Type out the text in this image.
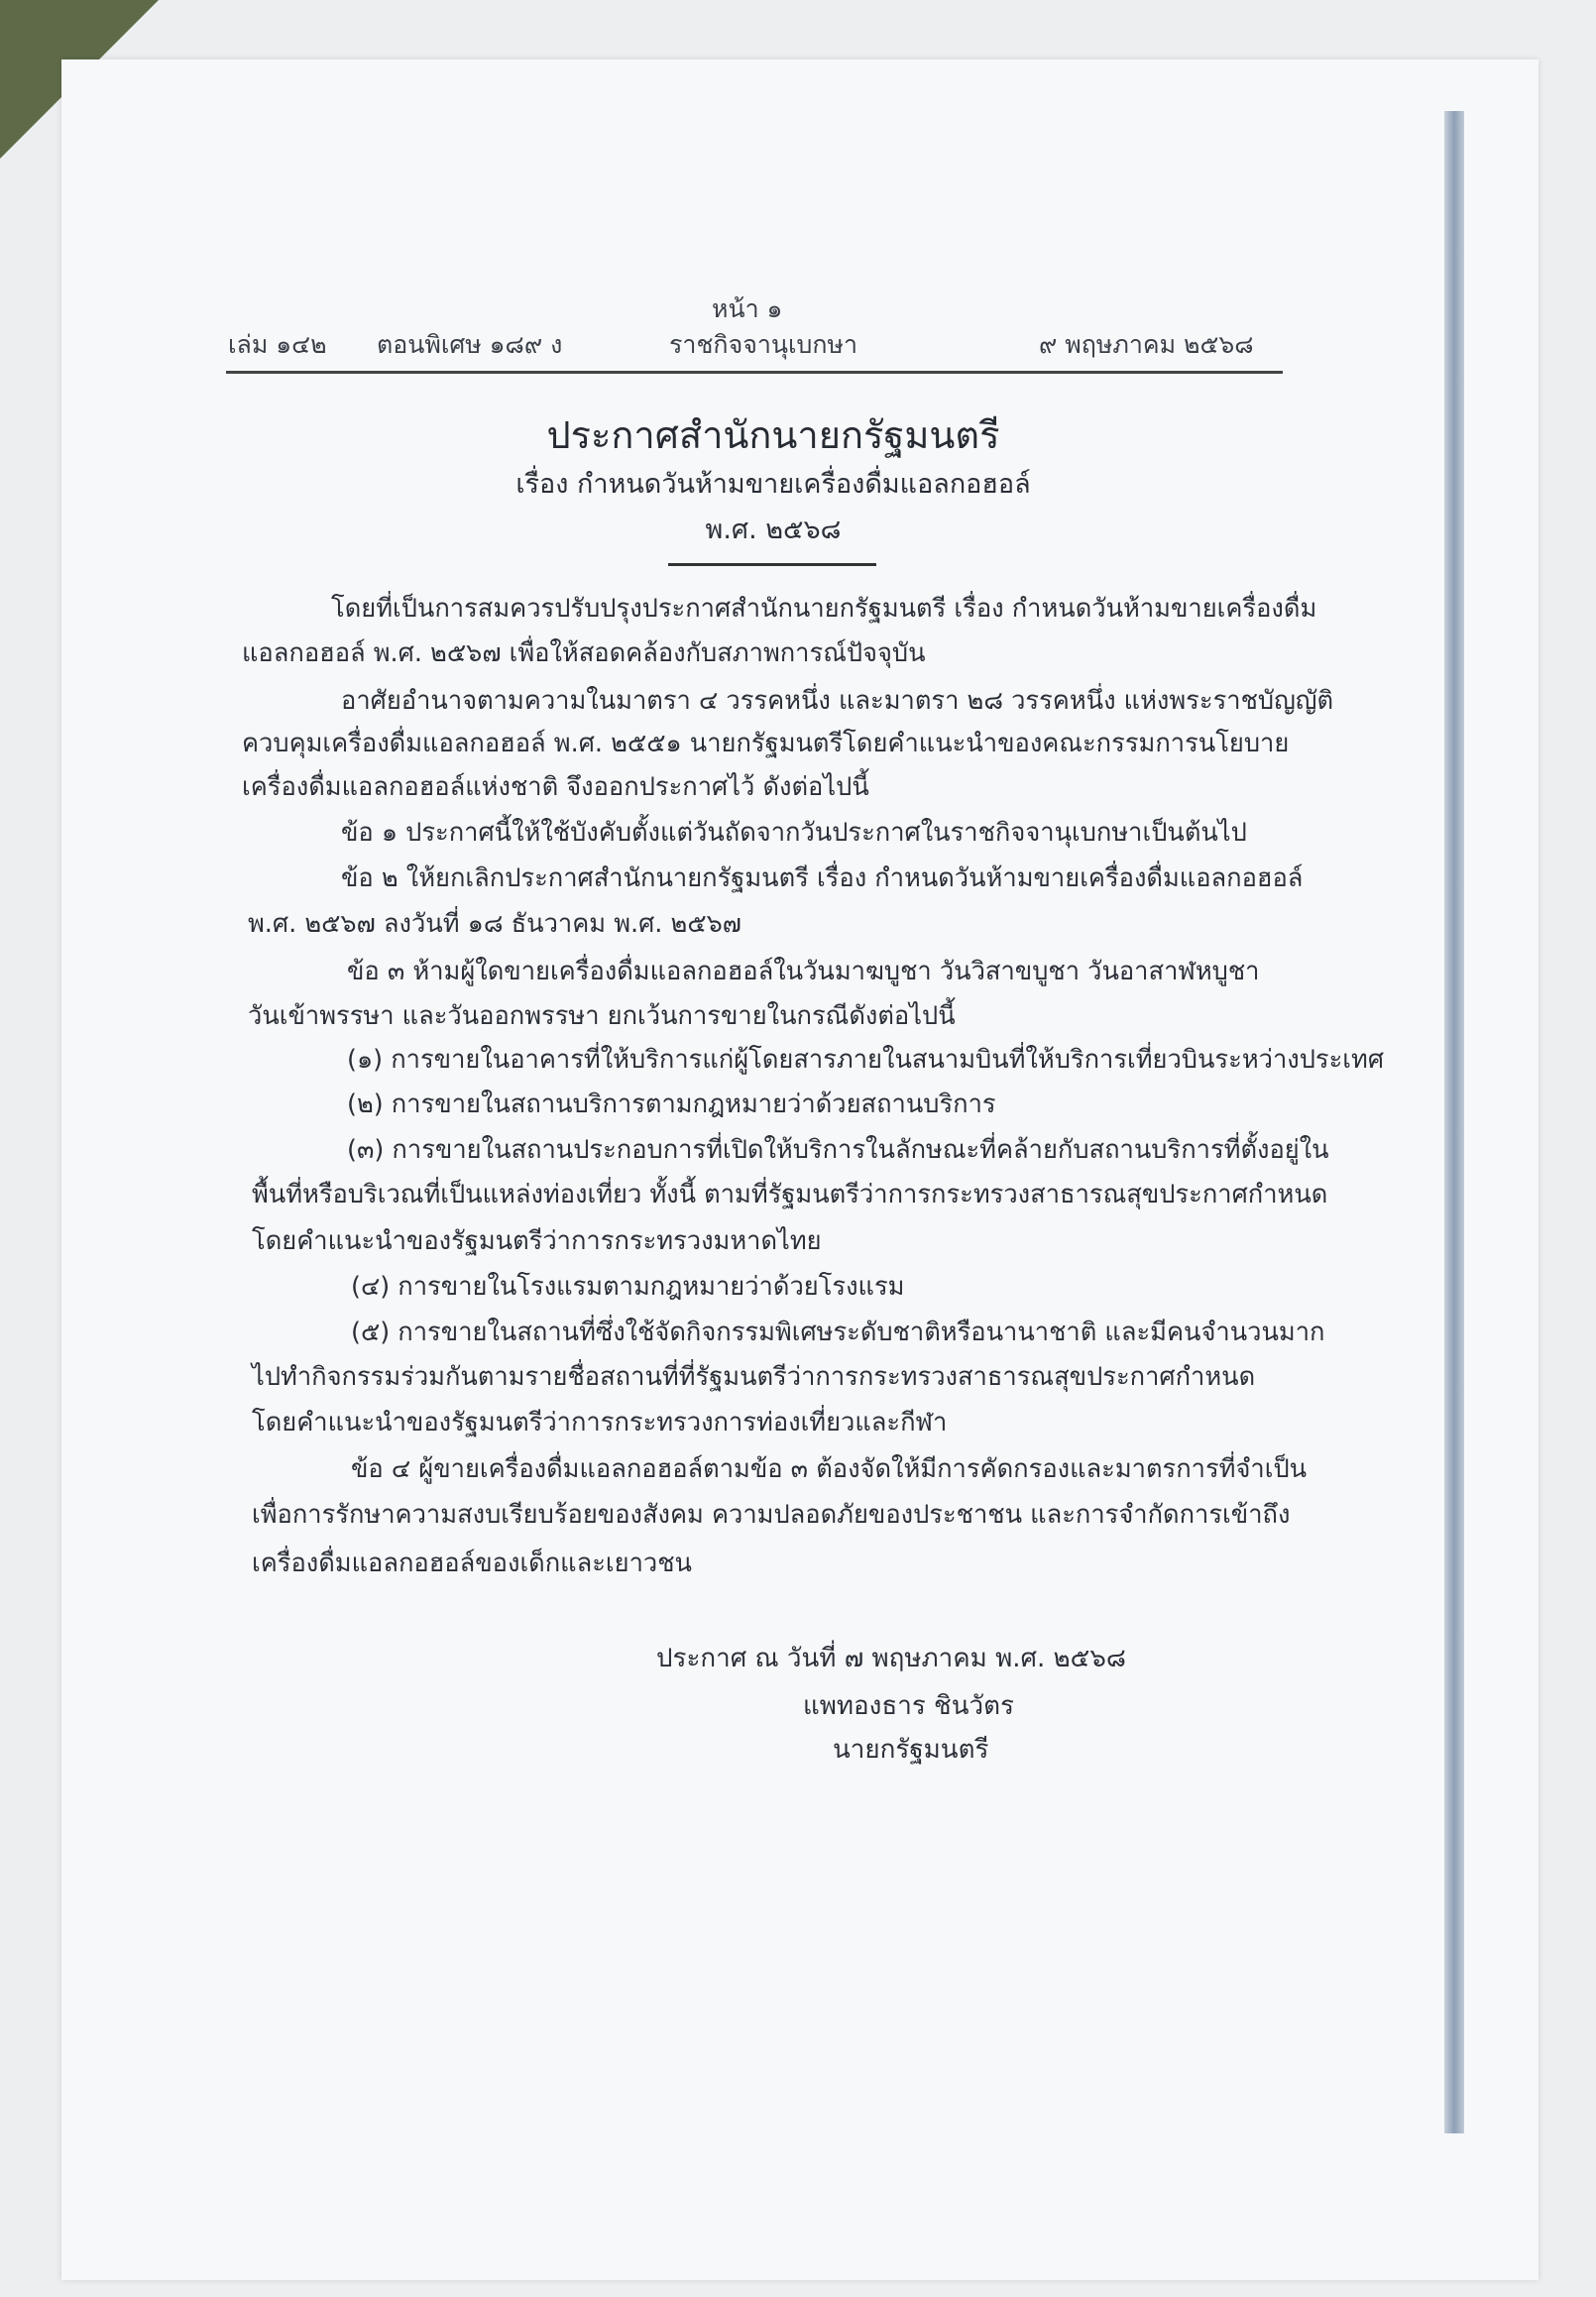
หน้า ๑
เล่ม ๑๔๒ ตอนพิเศษ ๑๘๙ ง	ราชกิจจานุเบกษา	๙ พฤษภาคม ๒๕๖๘
ประกาศสำนักนายกรัฐมนตรี
เรื่อง กำหนดวันห้ามขายเครื่องดื่มแอลกอฮอล์
พ.ศ. ๒๕๖๘
โดยที่เป็นการสมควรปรับปรุงประกาศสำนักนายกรัฐมนตรี เรื่อง กำหนดวันห้ามขายเครื่องดื่ม
แอลกอฮอล์ พ.ศ. ๒๕๖๗ เพื่อให้สอดคล้องกับสภาพการณ์ปัจจุบัน
อาศัยอำนาจตามความในมาตรา ๔ วรรคหนึ่ง และมาตรา ๒๘ วรรคหนึ่ง แห่งพระราชบัญญัติ
ควบคุมเครื่องดื่มแอลกอฮอล์ พ.ศ. ๒๕๕๑ นายกรัฐมนตรีโดยคำแนะนำของคณะกรรมการนโยบาย
เครื่องดื่มแอลกอฮอล์แห่งชาติ จึงออกประกาศไว้ ดังต่อไปนี้
ข้อ ๑ ประกาศนี้ให้ใช้บังคับตั้งแต่วันถัดจากวันประกาศในราชกิจจานุเบกษาเป็นต้นไป
ข้อ ๒ ให้ยกเลิกประกาศสำนักนายกรัฐมนตรี เรื่อง กำหนดวันห้ามขายเครื่องดื่มแอลกอฮอล์
พ.ศ. ๒๕๖๗ ลงวันที่ ๑๘ ธันวาคม พ.ศ. ๒๕๖๗
ข้อ ๓ ห้ามผู้ใดขายเครื่องดื่มแอลกอฮอล์ในวันมาฆบูชา วันวิสาขบูชา วันอาสาฬหบูชา
วันเข้าพรรษา และวันออกพรรษา ยกเว้นการขายในกรณีดังต่อไปนี้
(๑) การขายในอาคารที่ให้บริการแก่ผู้โดยสารภายในสนามบินที่ให้บริการเที่ยวบินระหว่างประเทศ
(๒) การขายในสถานบริการตามกฎหมายว่าด้วยสถานบริการ
(๓) การขายในสถานประกอบการที่เปิดให้บริการในลักษณะที่คล้ายกับสถานบริการที่ตั้งอยู่ใน
พื้นที่หรือบริเวณที่เป็นแหล่งท่องเที่ยว ทั้งนี้ ตามที่รัฐมนตรีว่าการกระทรวงสาธารณสุขประกาศกำหนด
โดยคำแนะนำของรัฐมนตรีว่าการกระทรวงมหาดไทย
(๔) การขายในโรงแรมตามกฎหมายว่าด้วยโรงแรม
(๕) การขายในสถานที่ซึ่งใช้จัดกิจกรรมพิเศษระดับชาติหรือนานาชาติ และมีคนจำนวนมาก
ไปทำกิจกรรมร่วมกันตามรายชื่อสถานที่ที่รัฐมนตรีว่าการกระทรวงสาธารณสุขประกาศกำหนด
โดยคำแนะนำของรัฐมนตรีว่าการกระทรวงการท่องเที่ยวและกีฬา
ข้อ ๔ ผู้ขายเครื่องดื่มแอลกอฮอล์ตามข้อ ๓ ต้องจัดให้มีการคัดกรองและมาตรการที่จำเป็น
เพื่อการรักษาความสงบเรียบร้อยของสังคม ความปลอดภัยของประชาชน และการจำกัดการเข้าถึง
เครื่องดื่มแอลกอฮอล์ของเด็กและเยาวชน
ประกาศ ณ วันที่ ๗ พฤษภาคม พ.ศ. ๒๕๖๘
แพทองธาร ชินวัตร
นายกรัฐมนตรี
